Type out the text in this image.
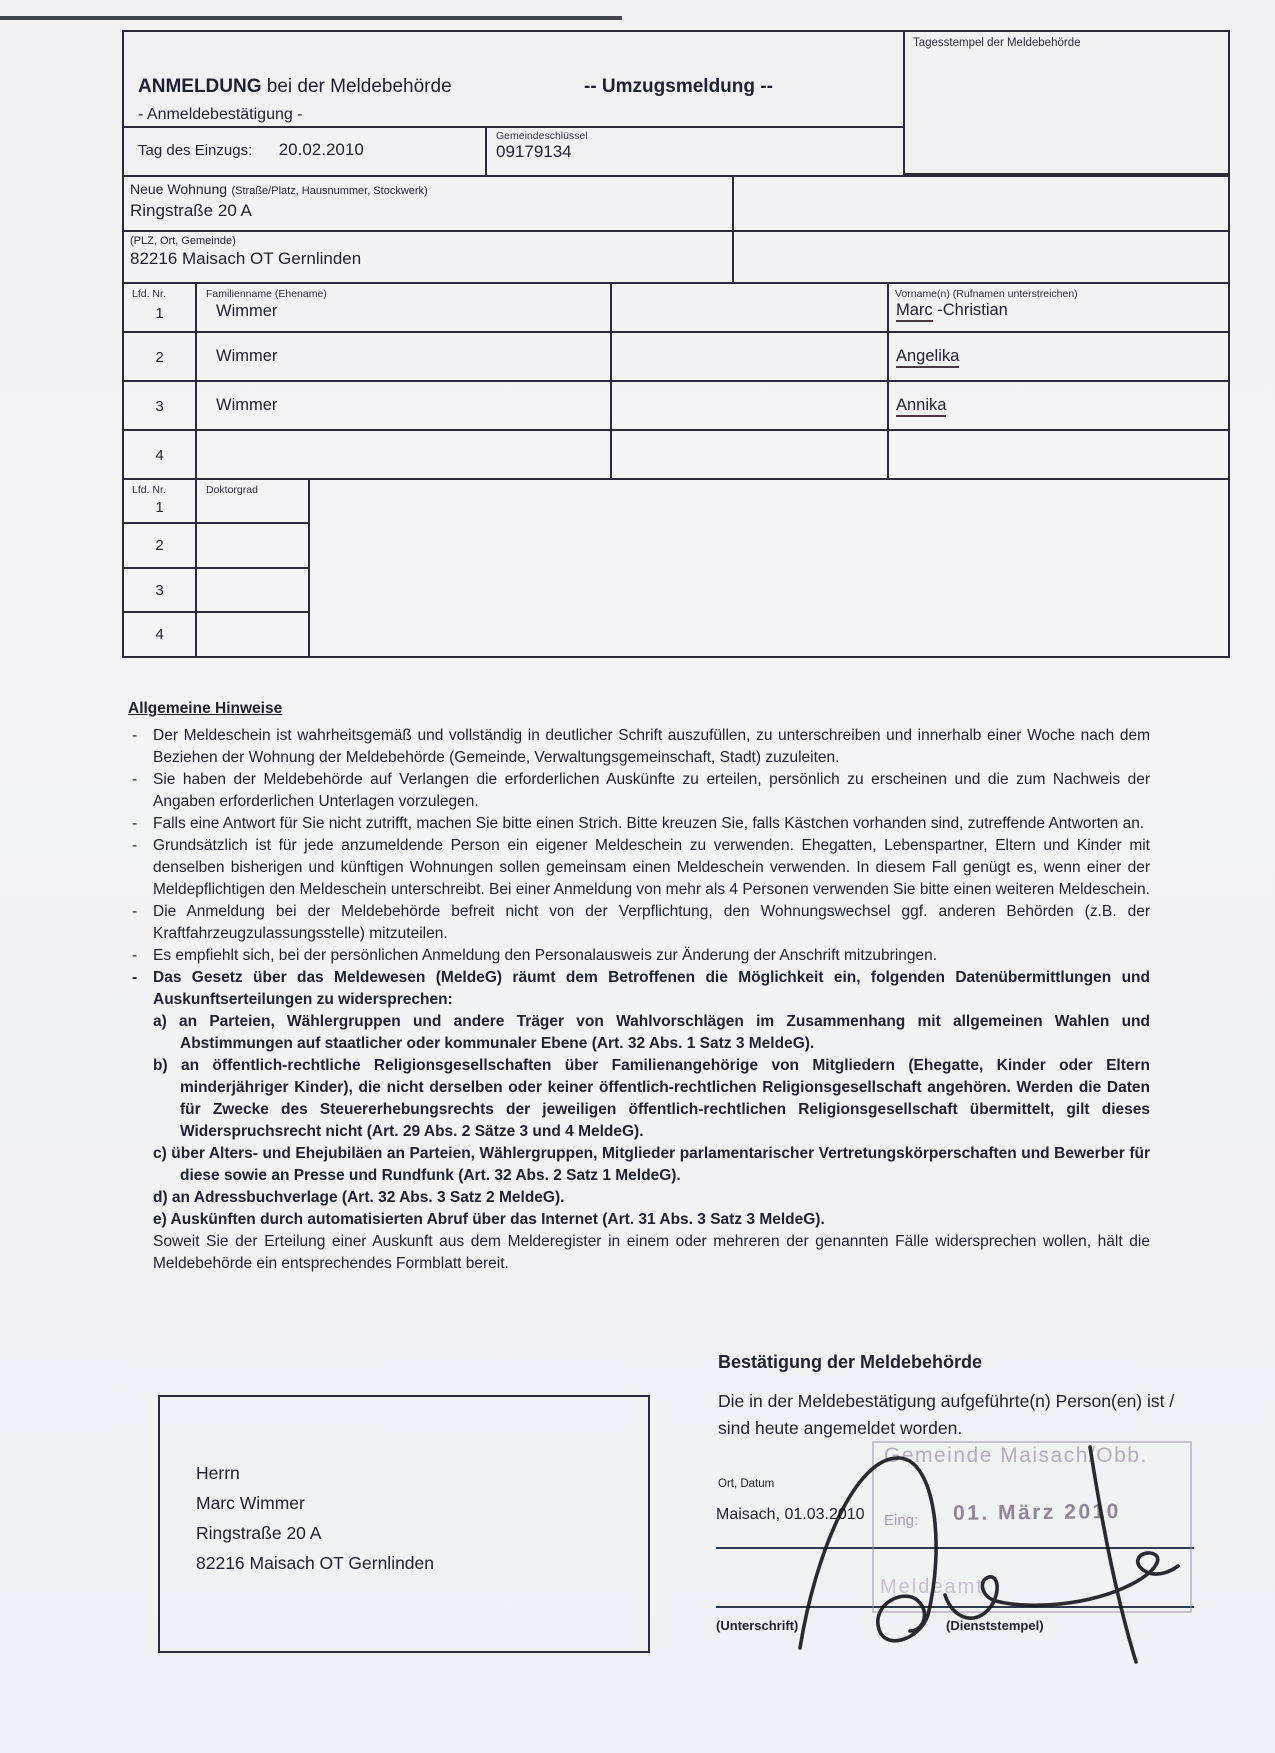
Tagesstempel der Meldebehörde
ANMELDUNG bei der Meldebehörde	-- Umzugsmeldung --
- Anmeldebestätigung -
Tag des Einzugs: 20.02.2010
Gemeindeschlüssel
09179134
Neue Wohnung (Straße/Platz, Hausnummer, Stockwerk)
Ringstraße 20 A
(PLZ, Ort, Gemeinde)
82216 Maisach OT Gernlinden
Lfd. Nr.	Familienname (Ehename)	Vorname(n) (Rufnamen unterstreichen)
1	Wimmer	Marc -Christian
2	Wimmer	Angelika
3	Wimmer	Annika
4
Lfd. Nr.	Doktorgrad
1
2
3
4
Allgemeine Hinweise
- Der Meldeschein ist wahrheitsgemäß und vollständig in deutlicher Schrift auszufüllen, zu unterschreiben und innerhalb einer Woche nach dem Beziehen der Wohnung der Meldebehörde (Gemeinde, Verwaltungsgemeinschaft, Stadt) zuzuleiten.
- Sie haben der Meldebehörde auf Verlangen die erforderlichen Auskünfte zu erteilen, persönlich zu erscheinen und die zum Nachweis der Angaben erforderlichen Unterlagen vorzulegen.
- Falls eine Antwort für Sie nicht zutrifft, machen Sie bitte einen Strich. Bitte kreuzen Sie, falls Kästchen vorhanden sind, zutreffende Antworten an.
- Grundsätzlich ist für jede anzumeldende Person ein eigener Meldeschein zu verwenden. Ehegatten, Lebenspartner, Eltern und Kinder mit denselben bisherigen und künftigen Wohnungen sollen gemeinsam einen Meldeschein verwenden. In diesem Fall genügt es, wenn einer der Meldepflichtigen den Meldeschein unterschreibt. Bei einer Anmeldung von mehr als 4 Personen verwenden Sie bitte einen weiteren Meldeschein.
- Die Anmeldung bei der Meldebehörde befreit nicht von der Verpflichtung, den Wohnungswechsel ggf. anderen Behörden (z.B. der Kraftfahrzeugzulassungsstelle) mitzuteilen.
- Es empfiehlt sich, bei der persönlichen Anmeldung den Personalausweis zur Änderung der Anschrift mitzubringen.
- Das Gesetz über das Meldewesen (MeldeG) räumt dem Betroffenen die Möglichkeit ein, folgenden Datenübermittlungen und Auskunftserteilungen zu widersprechen:
a) an Parteien, Wählergruppen und andere Träger von Wahlvorschlägen im Zusammenhang mit allgemeinen Wahlen und Abstimmungen auf staatlicher oder kommunaler Ebene (Art. 32 Abs. 1 Satz 3 MeldeG).
b) an öffentlich-rechtliche Religionsgesellschaften über Familienangehörige von Mitgliedern (Ehegatte, Kinder oder Eltern minderjähriger Kinder), die nicht derselben oder keiner öffentlich-rechtlichen Religionsgesellschaft angehören. Werden die Daten für Zwecke des Steuererhebungsrechts der jeweiligen öffentlich-rechtlichen Religionsgesellschaft übermittelt, gilt dieses Widerspruchsrecht nicht (Art. 29 Abs. 2 Sätze 3 und 4 MeldeG).
c) über Alters- und Ehejubiläen an Parteien, Wählergruppen, Mitglieder parlamentarischer Vertretungskörperschaften und Bewerber für diese sowie an Presse und Rundfunk (Art. 32 Abs. 2 Satz 1 MeldeG).
d) an Adressbuchverlage (Art. 32 Abs. 3 Satz 2 MeldeG).
e) Auskünften durch automatisierten Abruf über das Internet (Art. 31 Abs. 3 Satz 3 MeldeG).
Soweit Sie der Erteilung einer Auskunft aus dem Melderegister in einem oder mehreren der genannten Fälle widersprechen wollen, hält die Meldebehörde ein entsprechendes Formblatt bereit.
Herrn
Marc Wimmer
Ringstraße 20 A
82216 Maisach OT Gernlinden
Bestätigung der Meldebehörde
Die in der Meldebestätigung aufgeführte(n) Person(en) ist / sind heute angemeldet worden.
Ort, Datum
Maisach, 01.03.2010
(Unterschrift)	(Dienststempel)
Gemeinde Maisach/Obb.
Eing: 01. März 2010
Meldeamt
